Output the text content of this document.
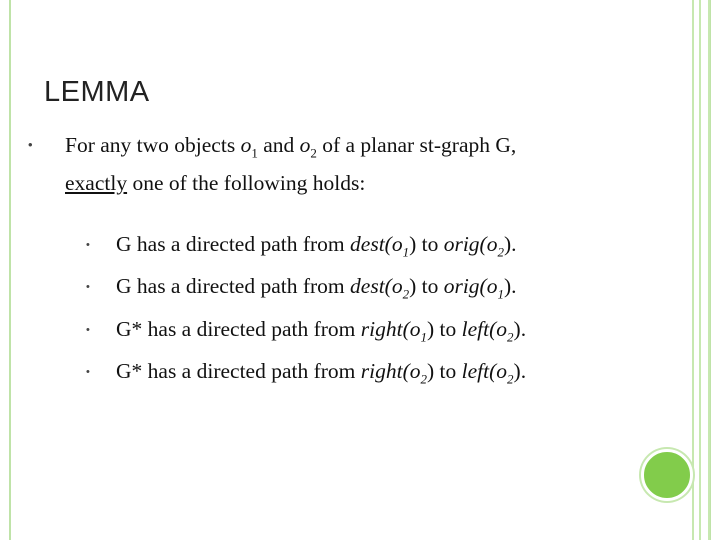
LEMMA
• For any two objects $o_1$ and $o_2$ of a planar st-graph G,
exactly one of the following holds:
• G has a directed path from $dest(o_1)$ to $orig(o_2)$.
• G has a directed path from $dest(o_2)$ to $orig(o_1)$.
• G* has a directed path from $right(o_1)$ to $left(o_2)$.
• G* has a directed path from $right(o_2)$ to $left(o_2)$.
